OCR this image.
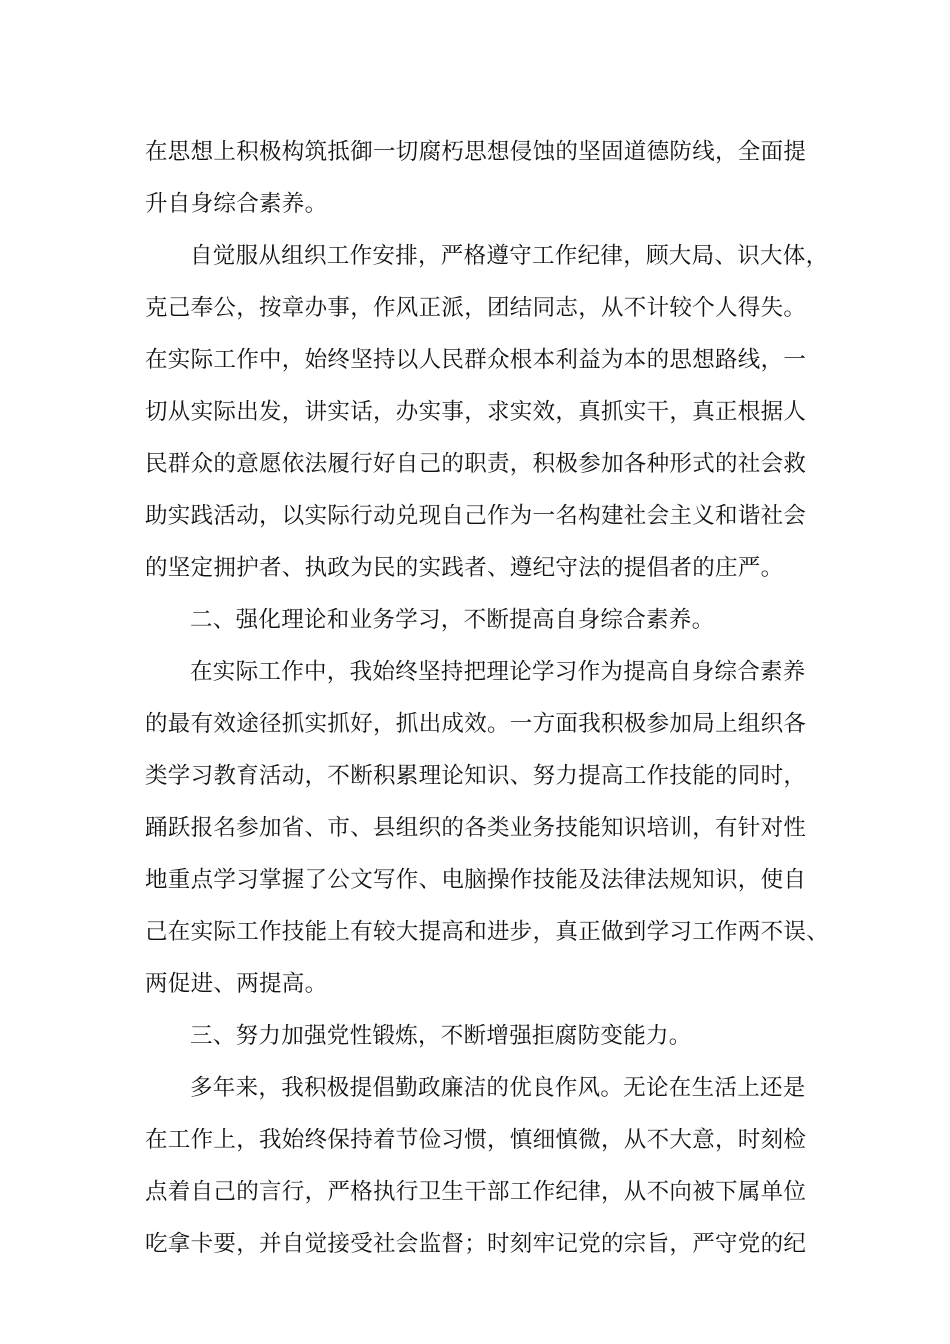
在思想上积极构筑抵御一切腐朽思想侵蚀的坚固道德防线，全面提
升自身综合素养。
自觉服从组织工作安排，严格遵守工作纪律，顾大局、识大体，
克己奉公，按章办事，作风正派，团结同志，从不计较个人得失。
在实际工作中，始终坚持以人民群众根本利益为本的思想路线，一
切从实际出发，讲实话，办实事，求实效，真抓实干，真正根据人
民群众的意愿依法履行好自己的职责，积极参加各种形式的社会救
助实践活动，以实际行动兑现自己作为一名构建社会主义和谐社会
的坚定拥护者、执政为民的实践者、遵纪守法的提倡者的庄严。
二、强化理论和业务学习，不断提高自身综合素养。
在实际工作中，我始终坚持把理论学习作为提高自身综合素养
的最有效途径抓实抓好，抓出成效。一方面我积极参加局上组织各
类学习教育活动，不断积累理论知识、努力提高工作技能的同时，
踊跃报名参加省、市、县组织的各类业务技能知识培训，有针对性
地重点学习掌握了公文写作、电脑操作技能及法律法规知识，使自
己在实际工作技能上有较大提高和进步，真正做到学习工作两不误、
两促进、两提高。
三、努力加强党性锻炼，不断增强拒腐防变能力。
多年来，我积极提倡勤政廉洁的优良作风。无论在生活上还是
在工作上，我始终保持着节俭习惯，慎细慎微，从不大意，时刻检
点着自己的言行，严格执行卫生干部工作纪律，从不向被下属单位
吃拿卡要，并自觉接受社会监督；时刻牢记党的宗旨，严守党的纪
